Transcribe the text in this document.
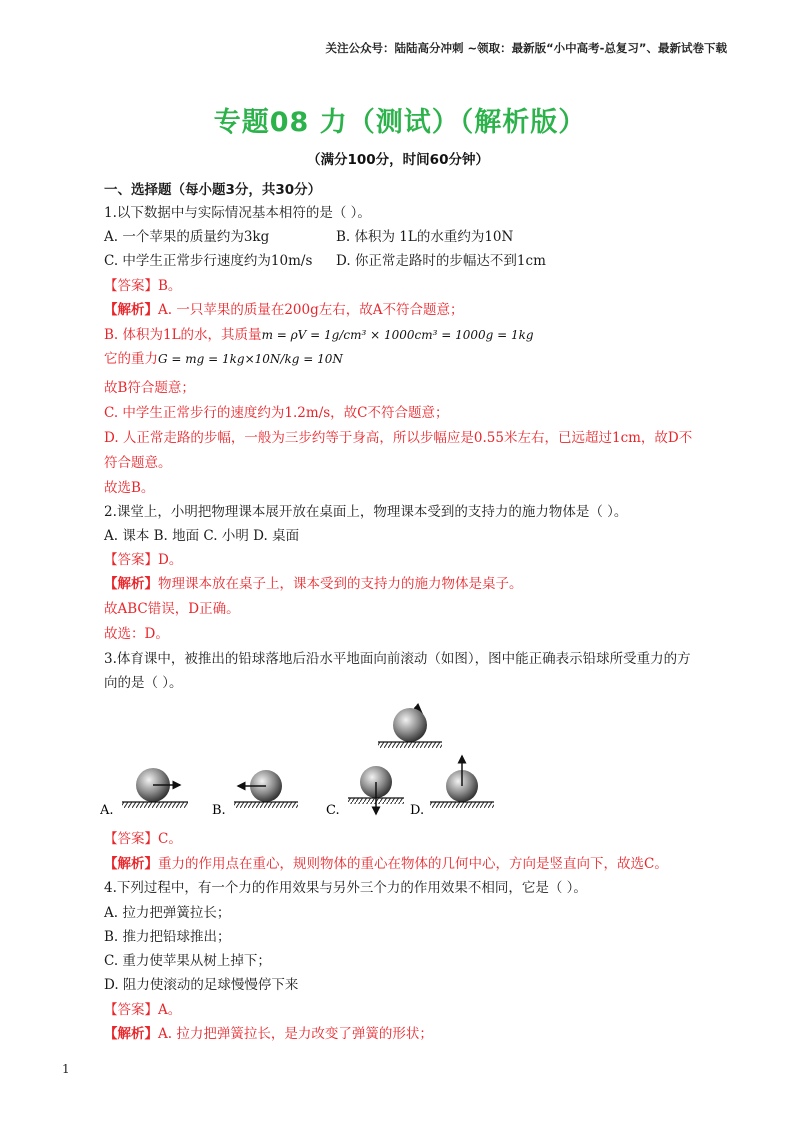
关注公众号：陆陆高分冲刺 ~领取：最新版“小中高考-总复习”、最新试卷下载
专题08 力（测试）（解析版）
（满分100分，时间60分钟）
一、选择题（每小题3分，共30分）
1.以下数据中与实际情况基本相符的是（ ）。
A. 一个苹果的质量约为3kg	B. 体积为 1L的水重约为10N
C. 中学生正常步行速度约为10m/s D. 你正常走路时的步幅达不到1cm
【答案】B。
【解析】A. 一只苹果的质量在200g左右，故A不符合题意；
B. 体积为1L的水，其质量m = ρV = 1g/cm³ × 1000cm³ = 1000g = 1kg
它的重力G = mg = 1kg×10N/kg = 10N
故B符合题意；
C. 中学生正常步行的速度约为1.2m/s，故C不符合题意；
D. 人正常走路的步幅，一般为三步约等于身高，所以步幅应是0.55米左右，已远超过1cm，故D不
符合题意。
故选B。
2.课堂上，小明把物理课本展开放在桌面上，物理课本受到的支持力的施力物体是（ ）。
A. 课本 B. 地面 C. 小明 D. 桌面
【答案】D。
【解析】物理课本放在桌子上，课本受到的支持力的施力物体是桌子。
故ABC错误，D正确。
故选：D。
3.体育课中，被推出的铅球落地后沿水平地面向前滚动（如图），图中能正确表示铅球所受重力的方
向的是（ ）。
A.	B.	C.	D.
【答案】C。
【解析】重力的作用点在重心，规则物体的重心在物体的几何中心，方向是竖直向下，故选C。
4.下列过程中，有一个力的作用效果与另外三个力的作用效果不相同，它是（ ）。
A. 拉力把弹簧拉长；
B. 推力把铅球推出；
C. 重力使苹果从树上掉下；
D. 阻力使滚动的足球慢慢停下来
【答案】A。
【解析】A. 拉力把弹簧拉长，是力改变了弹簧的形状；
1
